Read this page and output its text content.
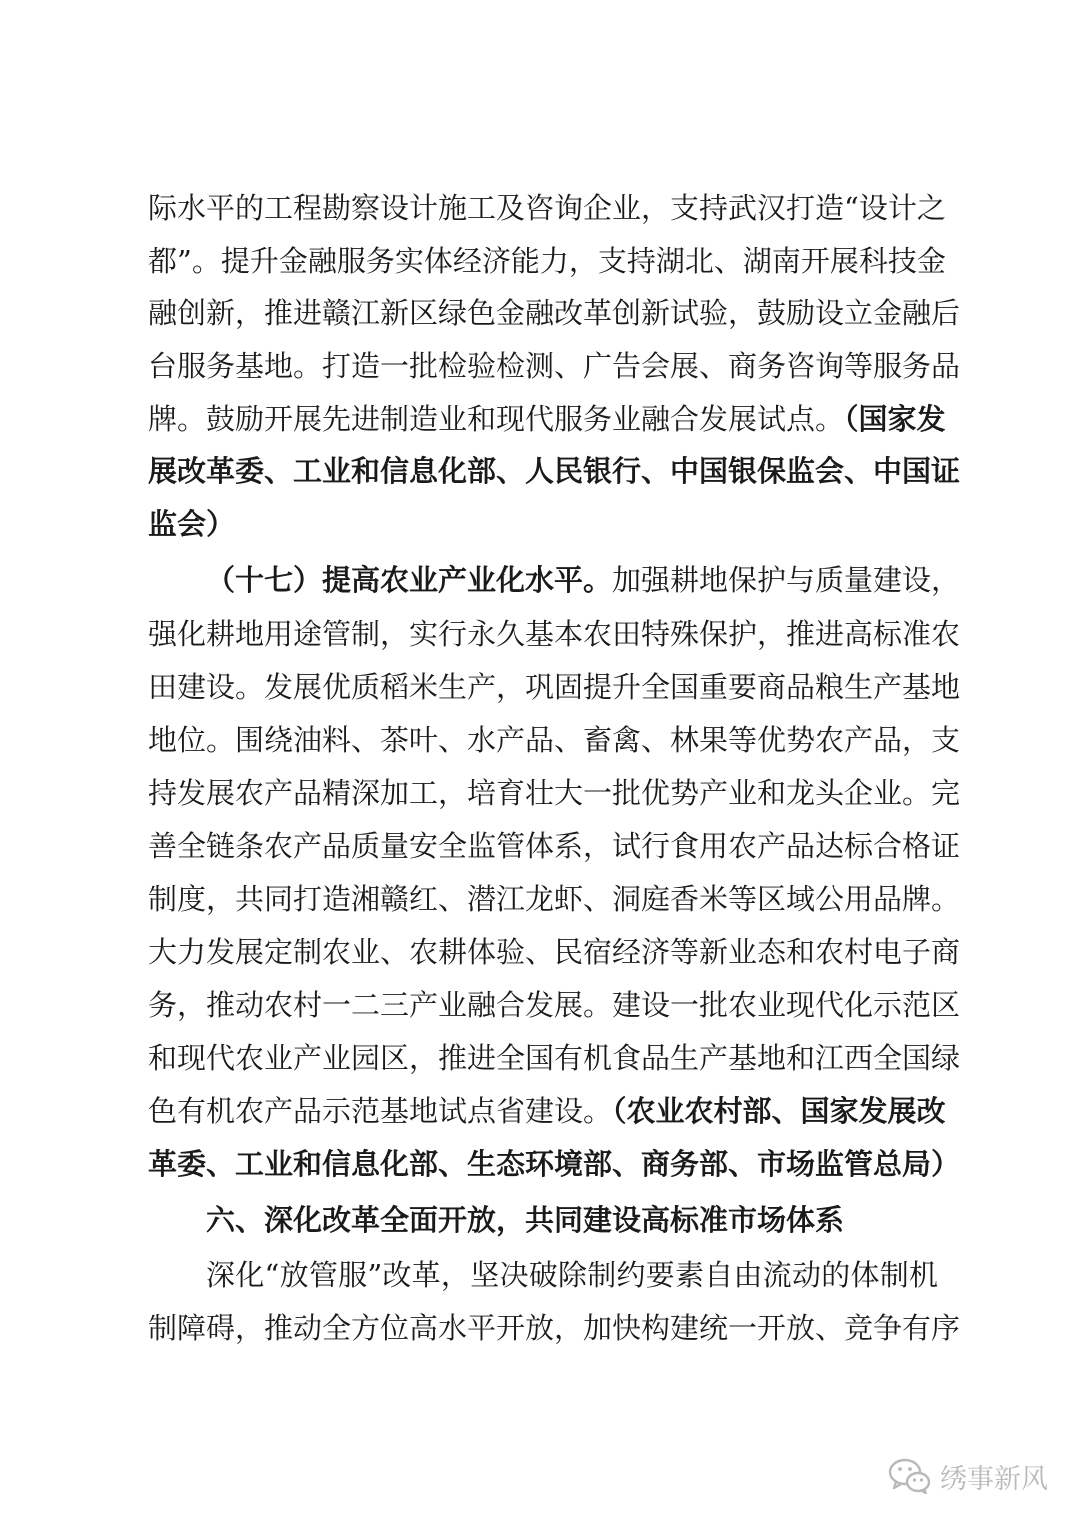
际水平的工程勘察设计施工及咨询企业，支持武汉打造“设计之
都”。提升金融服务实体经济能力，支持湖北、湖南开展科技金
融创新，推进赣江新区绿色金融改革创新试验，鼓励设立金融后
台服务基地。打造一批检验检测、广告会展、商务咨询等服务品
牌。鼓励开展先进制造业和现代服务业融合发展试点。（国家发
展改革委、工业和信息化部、人民银行、中国银保监会、中国证
监会）
（十七）提高农业产业化水平。加强耕地保护与质量建设，
强化耕地用途管制，实行永久基本农田特殊保护，推进高标准农
田建设。发展优质稻米生产，巩固提升全国重要商品粮生产基地
地位。围绕油料、茶叶、水产品、畜禽、林果等优势农产品，支
持发展农产品精深加工，培育壮大一批优势产业和龙头企业。完
善全链条农产品质量安全监管体系，试行食用农产品达标合格证
制度，共同打造湘赣红、潜江龙虾、洞庭香米等区域公用品牌。
大力发展定制农业、农耕体验、民宿经济等新业态和农村电子商
务，推动农村一二三产业融合发展。建设一批农业现代化示范区
和现代农业产业园区，推进全国有机食品生产基地和江西全国绿
色有机农产品示范基地试点省建设。（农业农村部、国家发展改
革委、工业和信息化部、生态环境部、商务部、市场监管总局）
六、深化改革全面开放，共同建设高标准市场体系
深化“放管服”改革，坚决破除制约要素自由流动的体制机
制障碍，推动全方位高水平开放，加快构建统一开放、竞争有序
绣事新风
